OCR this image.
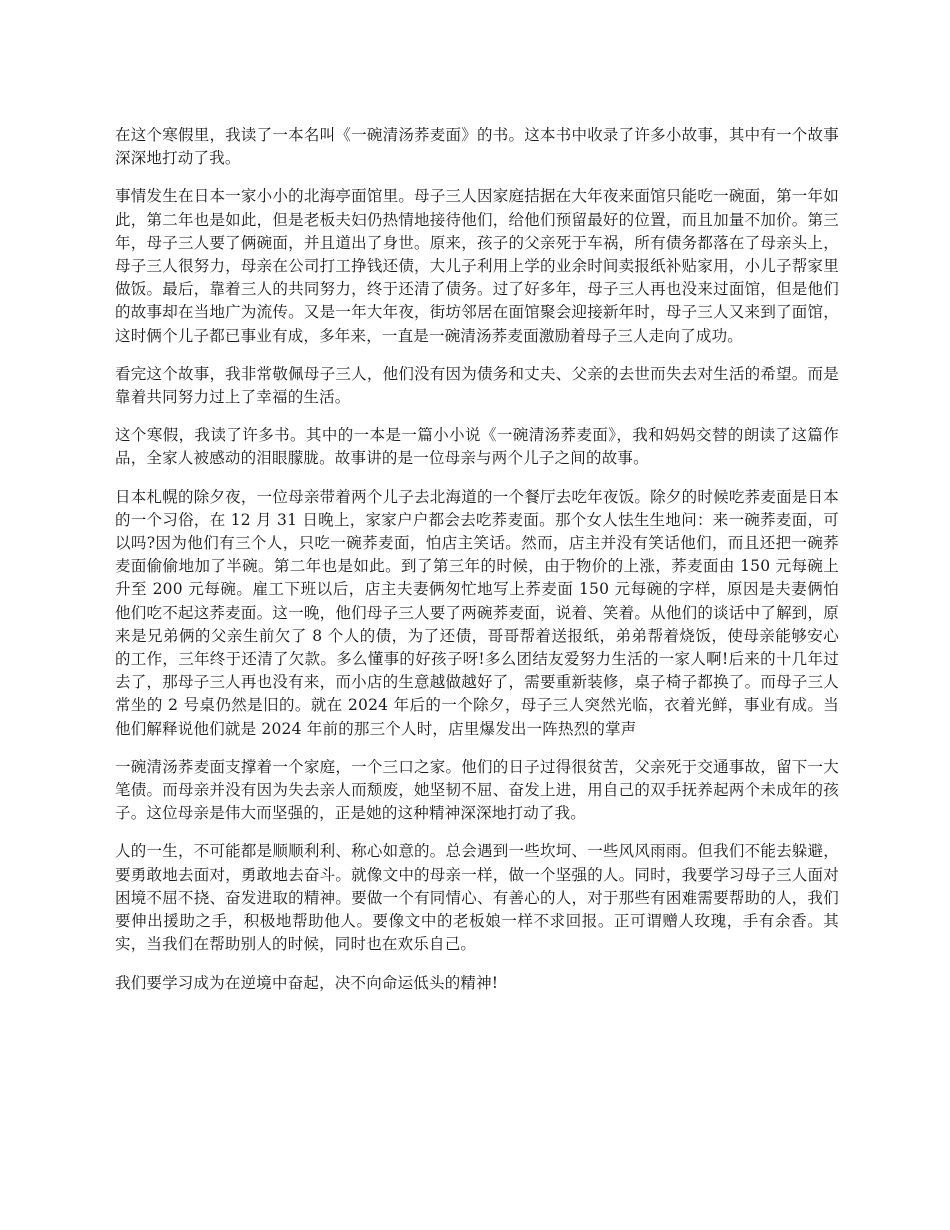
在这个寒假里，我读了一本名叫《一碗清汤荞麦面》的书。这本书中收录了许多小故事，其中有一个故事深深地打动了我。

事情发生在日本一家小小的北海亭面馆里。母子三人因家庭拮据在大年夜来面馆只能吃一碗面，第一年如此，第二年也是如此，但是老板夫妇仍热情地接待他们，给他们预留最好的位置，而且加量不加价。第三年，母子三人要了俩碗面，并且道出了身世。原来，孩子的父亲死于车祸，所有债务都落在了母亲头上，母子三人很努力，母亲在公司打工挣钱还债，大儿子利用上学的业余时间卖报纸补贴家用，小儿子帮家里做饭。最后，靠着三人的共同努力，终于还清了债务。过了好多年，母子三人再也没来过面馆，但是他们的故事却在当地广为流传。又是一年大年夜，街坊邻居在面馆聚会迎接新年时，母子三人又来到了面馆，这时俩个儿子都已事业有成，多年来，一直是一碗清汤荞麦面激励着母子三人走向了成功。

看完这个故事，我非常敬佩母子三人，他们没有因为债务和丈夫、父亲的去世而失去对生活的希望。而是靠着共同努力过上了幸福的生活。

这个寒假，我读了许多书。其中的一本是一篇小小说《一碗清汤荞麦面》，我和妈妈交替的朗读了这篇作品，全家人被感动的泪眼朦胧。故事讲的是一位母亲与两个儿子之间的故事。

日本札幌的除夕夜，一位母亲带着两个儿子去北海道的一个餐厅去吃年夜饭。除夕的时候吃荞麦面是日本的一个习俗，在 12 月 31 日晚上，家家户户都会去吃荞麦面。那个女人怯生生地问：来一碗荞麦面，可以吗?因为他们有三个人，只吃一碗荞麦面，怕店主笑话。然而，店主并没有笑话他们，而且还把一碗荞麦面偷偷地加了半碗。第二年也是如此。到了第三年的时候，由于物价的上涨，荞麦面由 150 元每碗上升至 200 元每碗。雇工下班以后，店主夫妻俩匆忙地写上荞麦面 150 元每碗的字样，原因是夫妻俩怕他们吃不起这荞麦面。这一晚，他们母子三人要了两碗荞麦面，说着、笑着。从他们的谈话中了解到，原来是兄弟俩的父亲生前欠了 8 个人的债，为了还债，哥哥帮着送报纸，弟弟帮着烧饭，使母亲能够安心的工作，三年终于还清了欠款。多么懂事的好孩子呀!多么团结友爱努力生活的一家人啊!后来的十几年过去了，那母子三人再也没有来，而小店的生意越做越好了，需要重新装修，桌子椅子都换了。而母子三人常坐的 2 号桌仍然是旧的。就在 2024 年后的一个除夕，母子三人突然光临，衣着光鲜，事业有成。当他们解释说他们就是 2024 年前的那三个人时，店里爆发出一阵热烈的掌声

一碗清汤荞麦面支撑着一个家庭，一个三口之家。他们的日子过得很贫苦，父亲死于交通事故，留下一大笔债。而母亲并没有因为失去亲人而颓废，她坚韧不屈、奋发上进，用自己的双手抚养起两个未成年的孩子。这位母亲是伟大而坚强的，正是她的这种精神深深地打动了我。

人的一生，不可能都是顺顺利利、称心如意的。总会遇到一些坎坷、一些风风雨雨。但我们不能去躲避，要勇敢地去面对，勇敢地去奋斗。就像文中的母亲一样，做一个坚强的人。同时，我要学习母子三人面对困境不屈不挠、奋发进取的精神。要做一个有同情心、有善心的人，对于那些有困难需要帮助的人，我们要伸出援助之手，积极地帮助他人。要像文中的老板娘一样不求回报。正可谓赠人玫瑰，手有余香。其实，当我们在帮助别人的时候，同时也在欢乐自己。

我们要学习成为在逆境中奋起，决不向命运低头的精神!
